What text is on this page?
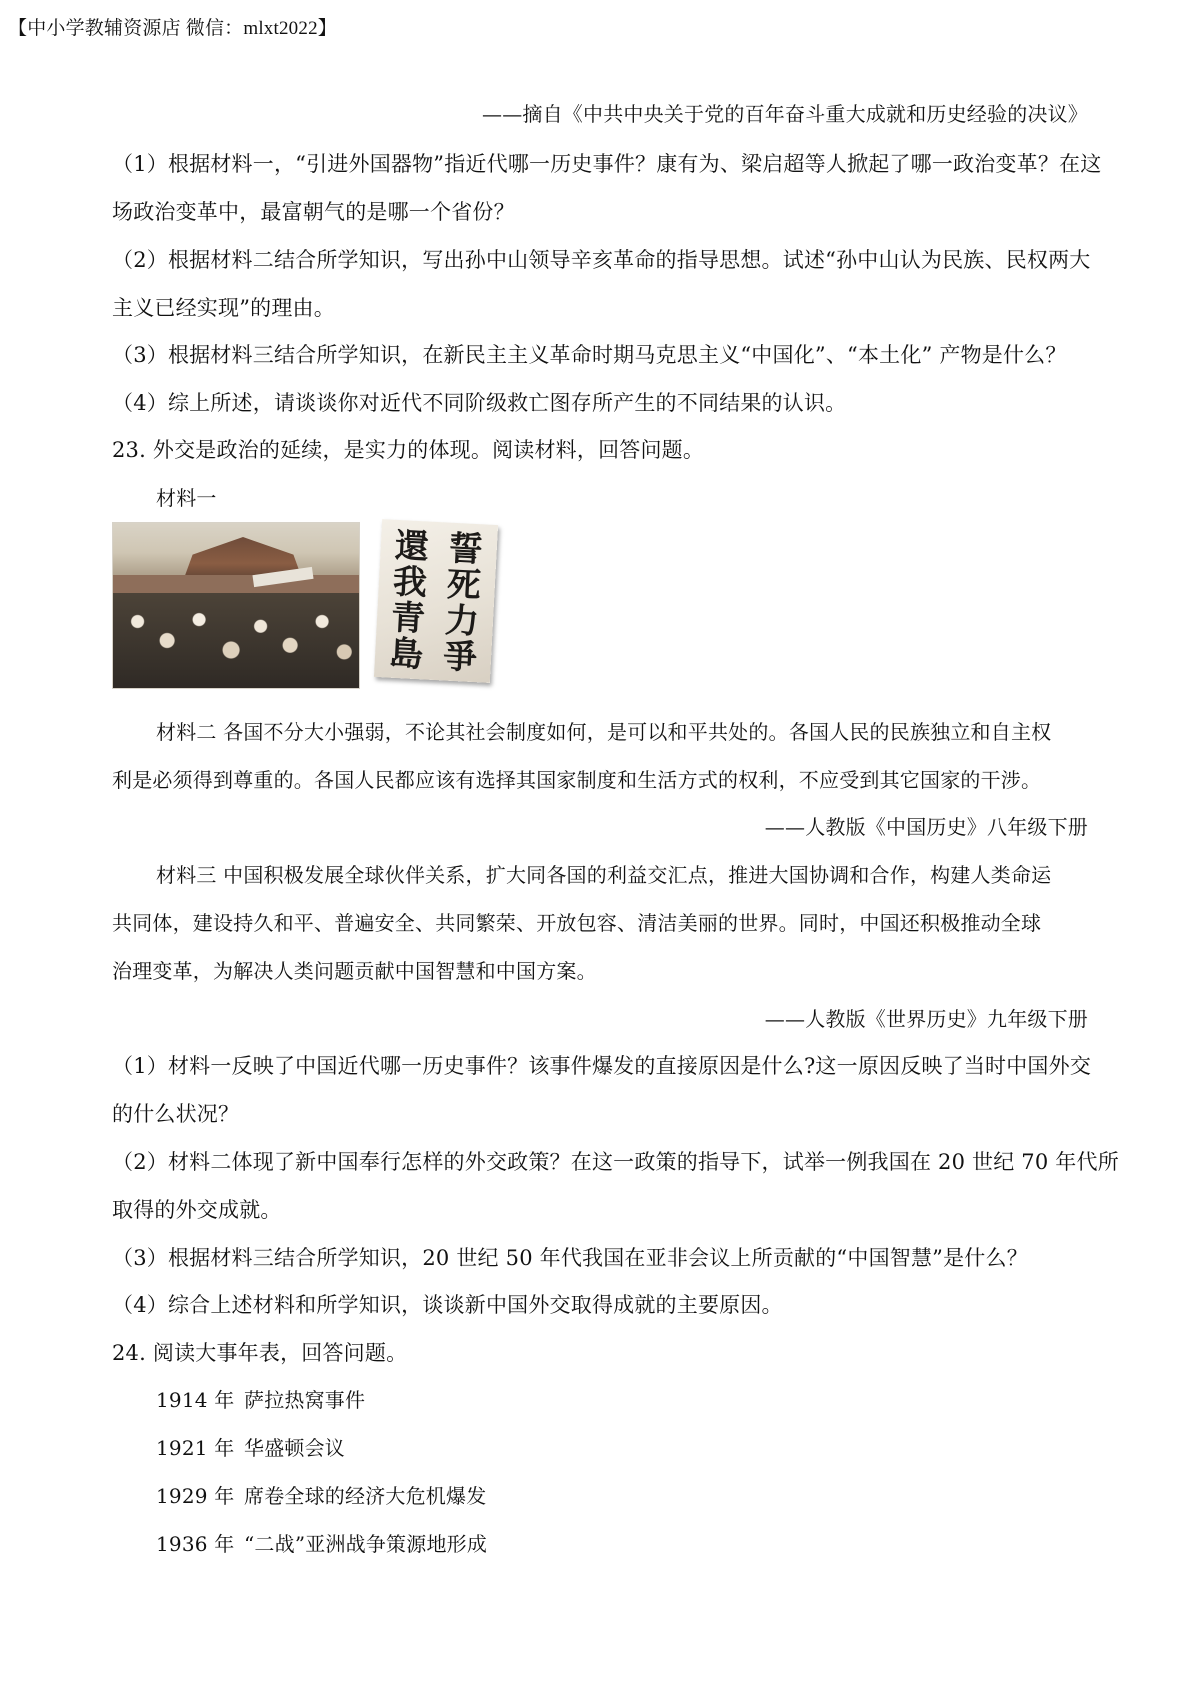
【中小学教辅资源店 微信：mlxt2022】
——摘自《中共中央关于党的百年奋斗重大成就和历史经验的决议》
（1）根据材料一，“引进外国器物”指近代哪一历史事件？康有为、梁启超等人掀起了哪一政治变革？在这
场政治变革中，最富朝气的是哪一个省份？
（2）根据材料二结合所学知识，写出孙中山领导辛亥革命的指导思想。试述“孙中山认为民族、民权两大
主义已经实现”的理由。
（3）根据材料三结合所学知识，在新民主主义革命时期马克思主义“中国化”、“本土化” 产物是什么？
（4）综上所述，请谈谈你对近代不同阶级救亡图存所产生的不同结果的认识。
23. 外交是政治的延续，是实力的体现。阅读材料，回答问题。
材料一
誓死力爭
還我青島
材料二 各国不分大小强弱，不论其社会制度如何，是可以和平共处的。各国人民的民族独立和自主权
利是必须得到尊重的。各国人民都应该有选择其国家制度和生活方式的权利，不应受到其它国家的干涉。
——人教版《中国历史》八年级下册
材料三 中国积极发展全球伙伴关系，扩大同各国的利益交汇点，推进大国协调和合作，构建人类命运
共同体，建设持久和平、普遍安全、共同繁荣、开放包容、清洁美丽的世界。同时，中国还积极推动全球
治理变革，为解决人类问题贡献中国智慧和中国方案。
——人教版《世界历史》九年级下册
（1）材料一反映了中国近代哪一历史事件？该事件爆发的直接原因是什么?这一原因反映了当时中国外交
的什么状况？
（2）材料二体现了新中国奉行怎样的外交政策？在这一政策的指导下，试举一例我国在 20 世纪 70 年代所
取得的外交成就。
（3）根据材料三结合所学知识，20 世纪 50 年代我国在亚非会议上所贡献的“中国智慧”是什么？
（4）综合上述材料和所学知识，谈谈新中国外交取得成就的主要原因。
24. 阅读大事年表，回答问题。
1914 年 萨拉热窝事件
1921 年 华盛顿会议
1929 年 席卷全球的经济大危机爆发
1936 年 “二战”亚洲战争策源地形成
